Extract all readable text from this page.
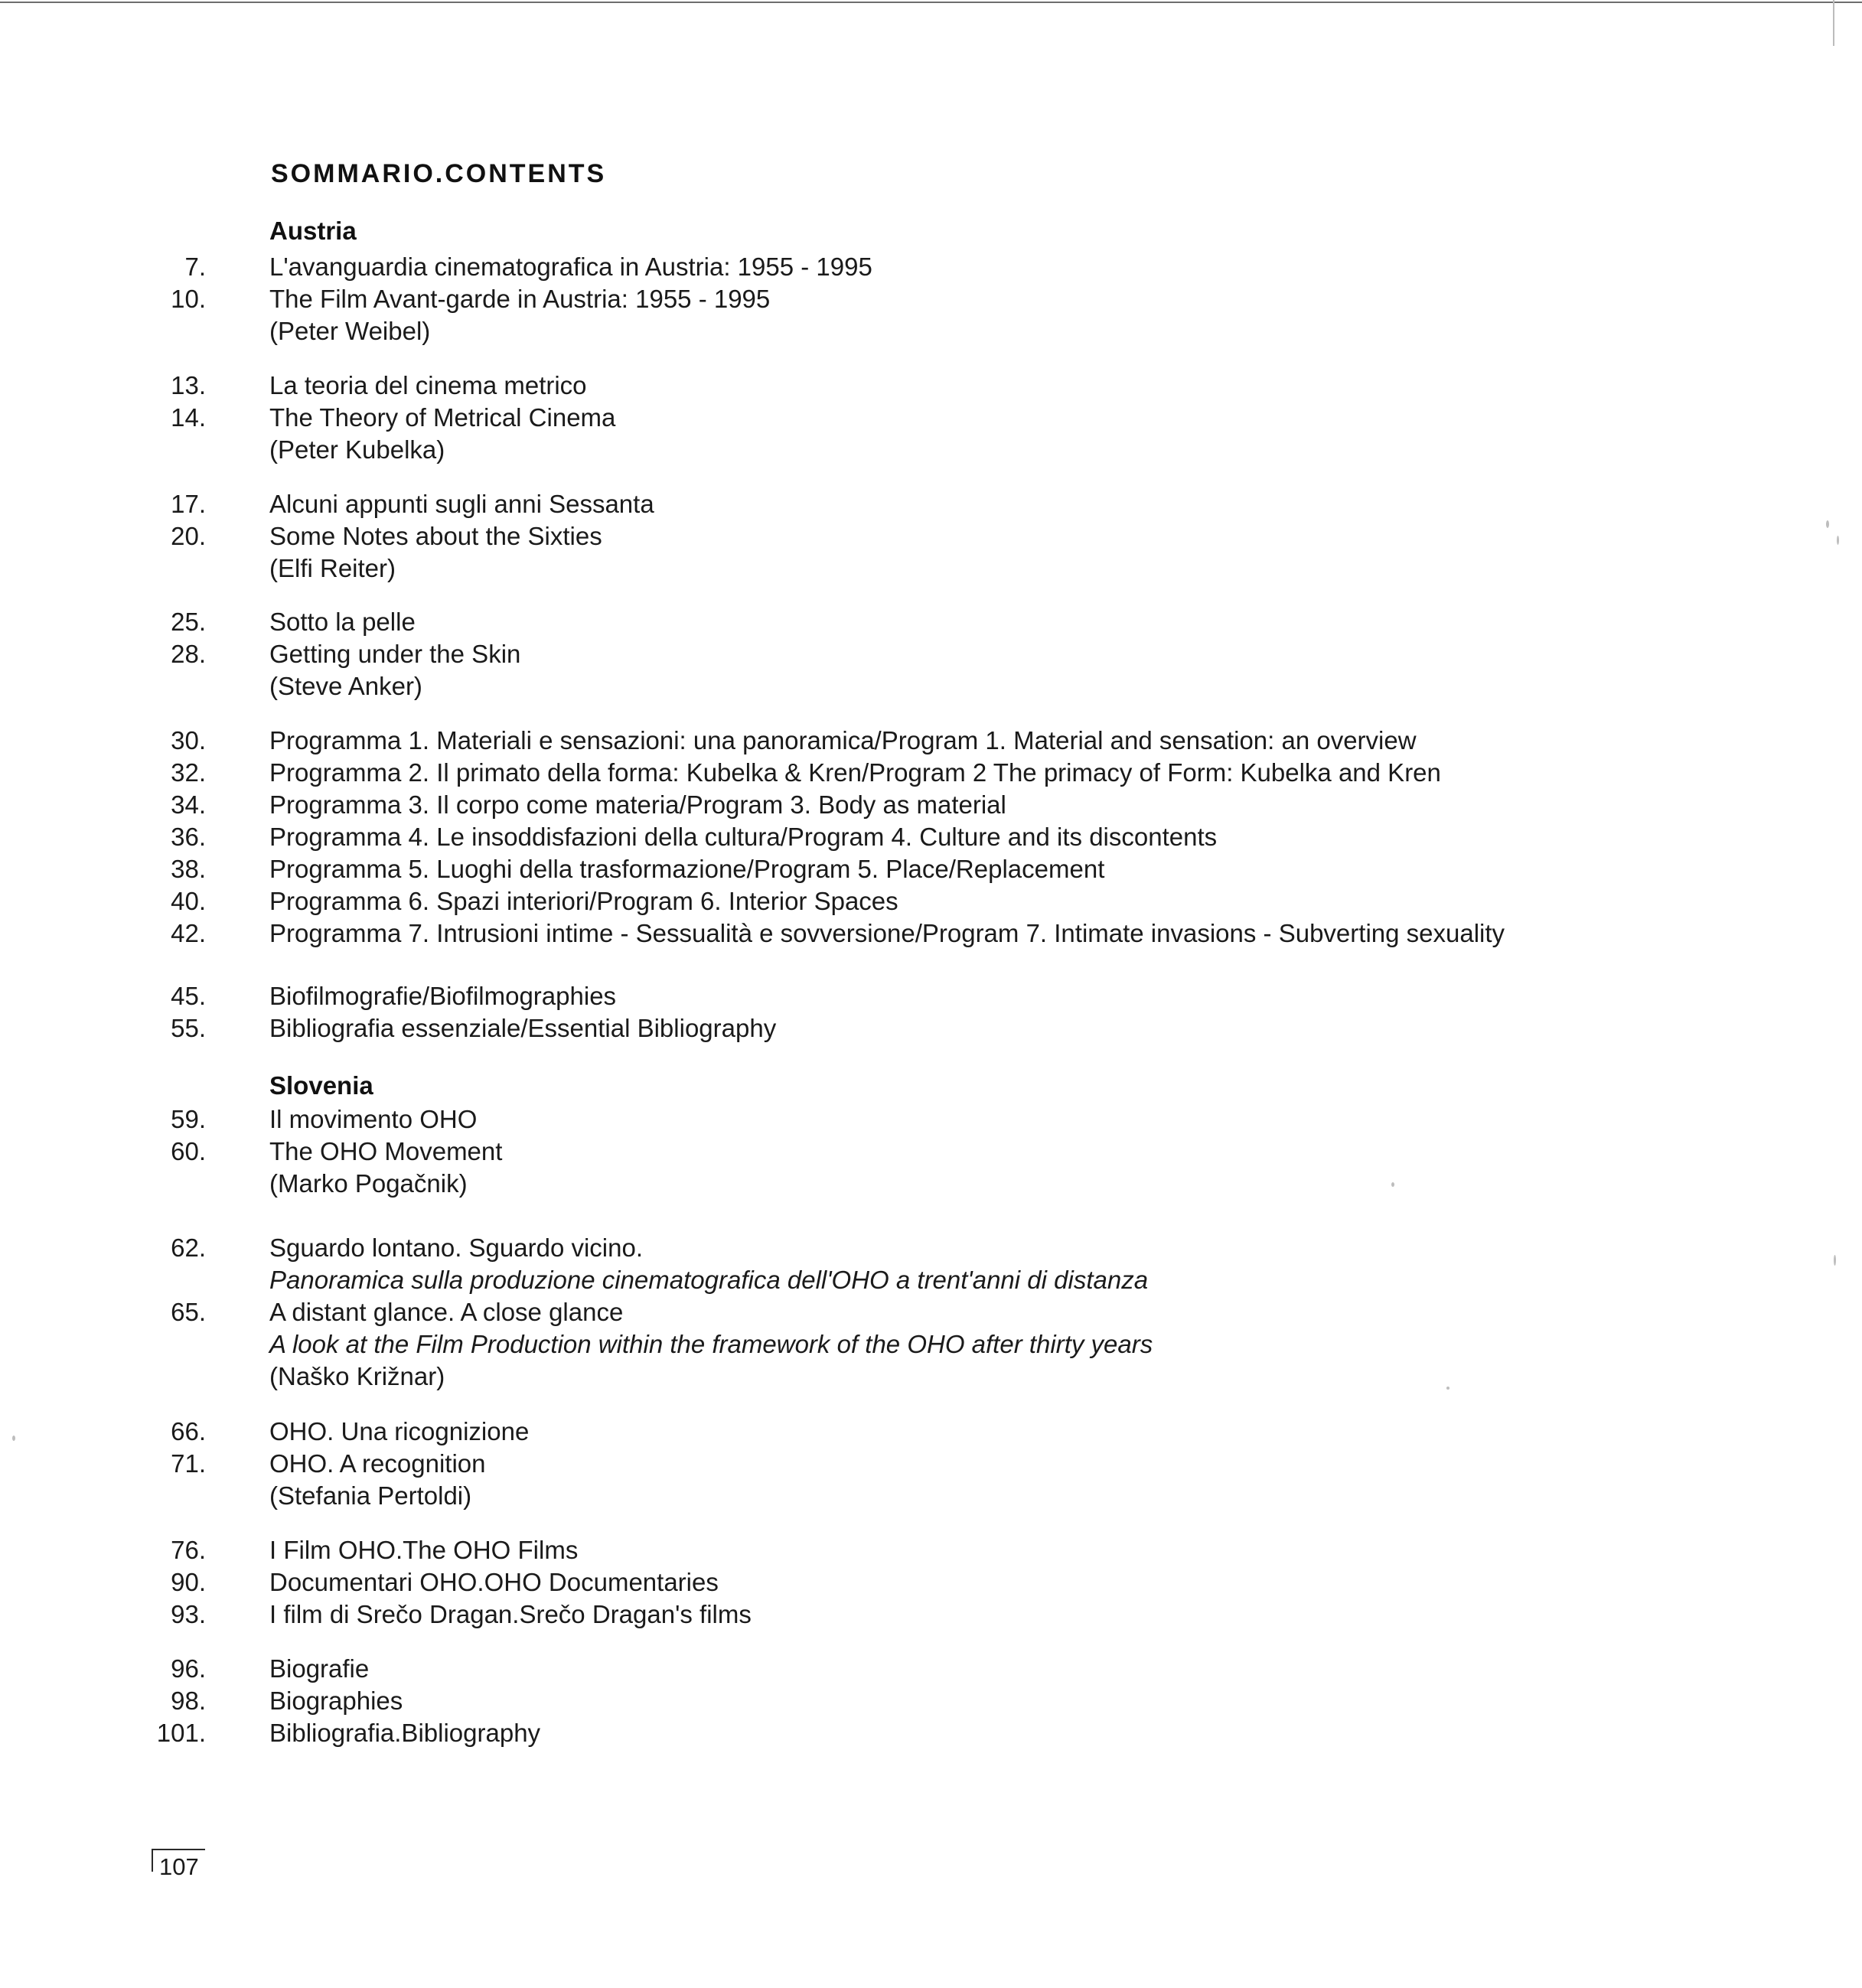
SOMMARIO.CONTENTS
Austria
7.	L'avanguardia cinematografica in Austria: 1955 - 1995
10.	The Film Avant-garde in Austria: 1955 - 1995
(Peter Weibel)
13.	La teoria del cinema metrico
14.	The Theory of Metrical Cinema
(Peter Kubelka)
17.	Alcuni appunti sugli anni Sessanta
20.	Some Notes about the Sixties
(Elfi Reiter)
25.	Sotto la pelle
28.	Getting under the Skin
(Steve Anker)
30.	Programma 1. Materiali e sensazioni: una panoramica/Program 1. Material and sensation: an overview
32.	Programma 2. Il primato della forma: Kubelka & Kren/Program 2 The primacy of Form: Kubelka and Kren
34.	Programma 3. Il corpo come materia/Program 3. Body as material
36.	Programma 4. Le insoddisfazioni della cultura/Program 4. Culture and its discontents
38.	Programma 5. Luoghi della trasformazione/Program 5. Place/Replacement
40.	Programma 6. Spazi interiori/Program 6. Interior Spaces
42.	Programma 7. Intrusioni intime - Sessualità e sovversione/Program 7. Intimate invasions - Subverting sexuality
45.	Biofilmografie/Biofilmographies
55.	Bibliografia essenziale/Essential Bibliography
Slovenia
59.	Il movimento OHO
60.	The OHO Movement
(Marko Pogačnik)
62.	Sguardo lontano. Sguardo vicino.
Panoramica sulla produzione cinematografica dell'OHO a trent'anni di distanza
65.	A distant glance. A close glance
A look at the Film Production within the framework of the OHO after thirty years
(Naško Križnar)
66.	OHO. Una ricognizione
71.	OHO. A recognition
(Stefania Pertoldi)
76.	I Film OHO.The OHO Films
90.	Documentari OHO.OHO Documentaries
93.	I film di Srečo Dragan.Srečo Dragan's films
96.	Biografie
98.	Biographies
101.	Bibliografia.Bibliography
107
